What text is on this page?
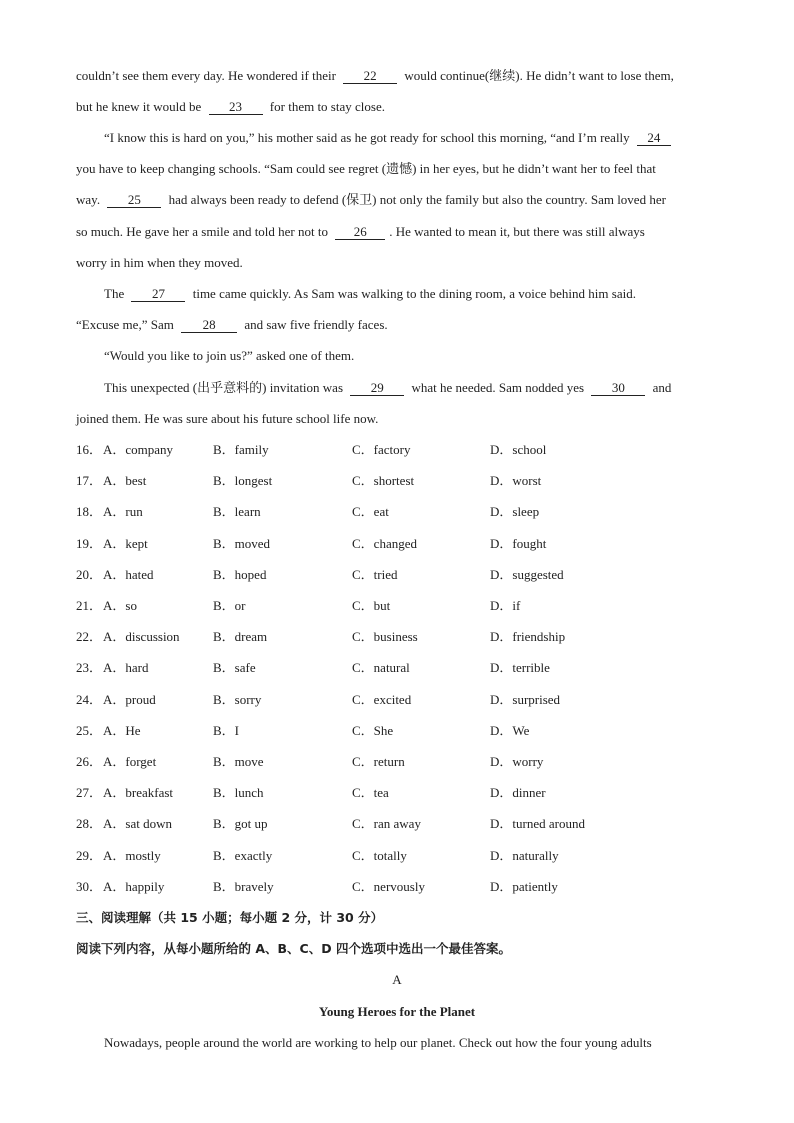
couldn’t see them every day. He wondered if their 22 would continue(继续). He didn’t want to lose them,
but he knew it would be 23 for them to stay close.
“I know this is hard on you,” his mother said as he got ready for school this morning, “and I’m really 24
you have to keep changing schools. “Sam could see regret (遗憾) in her eyes, but he didn’t want her to feel that
way. 25 had always been ready to defend (保卫) not only the family but also the country. Sam loved her
so much. He gave her a smile and told her not to 26 . He wanted to mean it, but there was still always
worry in him when they moved.
The 27 time came quickly. As Sam was walking to the dining room, a voice behind him said.
“Excuse me,” Sam 28 and saw five friendly faces.
“Would you like to join us?” asked one of them.
This unexpected (出乎意料的) invitation was 29 what he needed. Sam nodded yes 30 and
joined them. He was sure about his future school life now.
16． A．company	B．family	C．factory	D．school
17． A．best	B．longest	C．shortest	D．worst
18． A．run	B．learn	C．eat	D．sleep
19． A．kept	B．moved	C．changed	D．fought
20． A．hated	B．hoped	C．tried	D．suggested
21． A．so	B．or	C．but	D．if
22． A．discussion	B．dream	C．business	D．friendship
23． A．hard	B．safe	C．natural	D．terrible
24． A．proud	B．sorry	C．excited	D．surprised
25． A．He	B．I	C．She	D．We
26． A．forget	B．move	C．return	D．worry
27． A．breakfast	B．lunch	C．tea	D．dinner
28． A．sat down	B．got up	C．ran away	D．turned around
29． A．mostly	B．exactly	C．totally	D．naturally
30． A．happily	B．bravely	C．nervously	D．patiently
三、阅读理解（共 15 小题；每小题 2 分，计 30 分）
阅读下列内容，从每小题所给的 A、B、C、D 四个选项中选出一个最佳答案。
A
Young Heroes for the Planet
Nowadays, people around the world are working to help our planet. Check out how the four young adults
